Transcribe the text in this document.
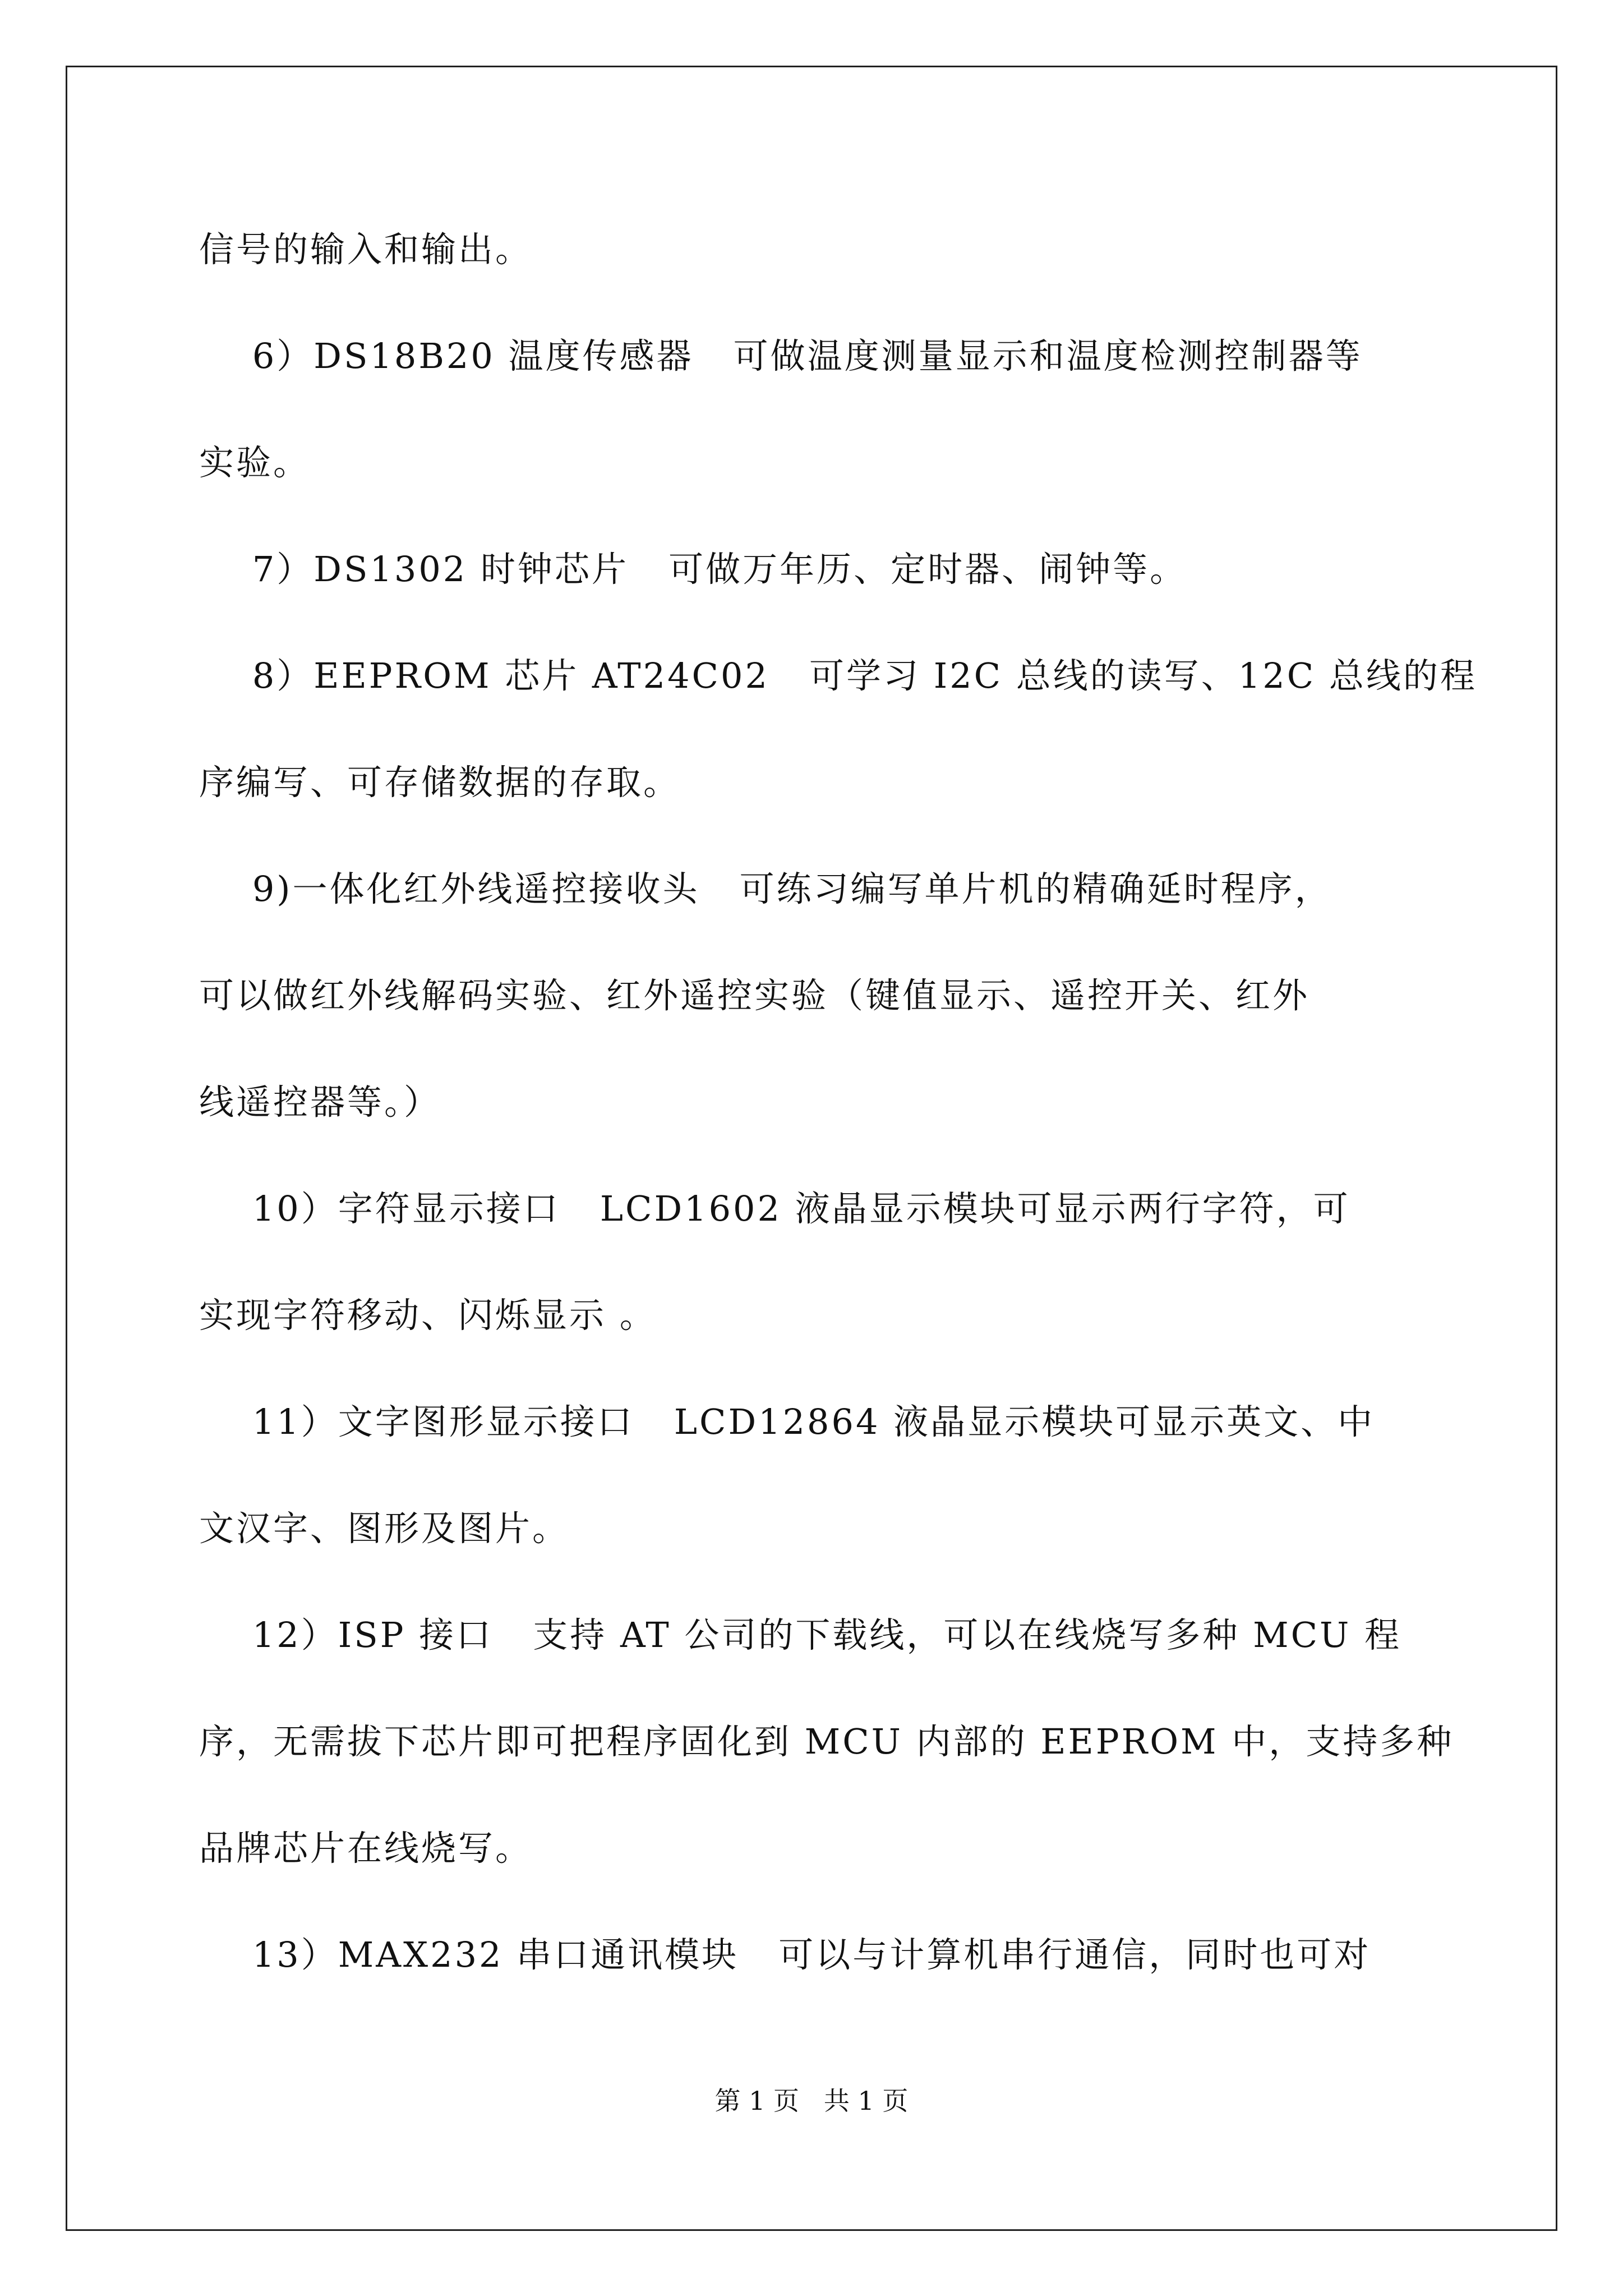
信号的输入和输出。
6）DS18B20 温度传感器   可做温度测量显示和温度检测控制器等
实验。
7）DS1302 时钟芯片   可做万年历、定时器、闹钟等。
8）EEPROM 芯片 AT24C02   可学习 I2C 总线的读写、12C 总线的程
序编写、可存储数据的存取。
9)一体化红外线遥控接收头   可练习编写单片机的精确延时程序，
可以做红外线解码实验、红外遥控实验（键值显示、遥控开关、红外
线遥控器等。）
10）字符显示接口   LCD1602 液晶显示模块可显示两行字符，可
实现字符移动、闪烁显示 。
11）文字图形显示接口   LCD12864 液晶显示模块可显示英文、中
文汉字、图形及图片。
12）ISP 接口   支持 AT 公司的下载线，可以在线烧写多种 MCU 程
序，无需拔下芯片即可把程序固化到 MCU 内部的 EEPROM 中，支持多种
品牌芯片在线烧写。
13）MAX232 串口通讯模块   可以与计算机串行通信，同时也可对
第 1 页   共 1 页
